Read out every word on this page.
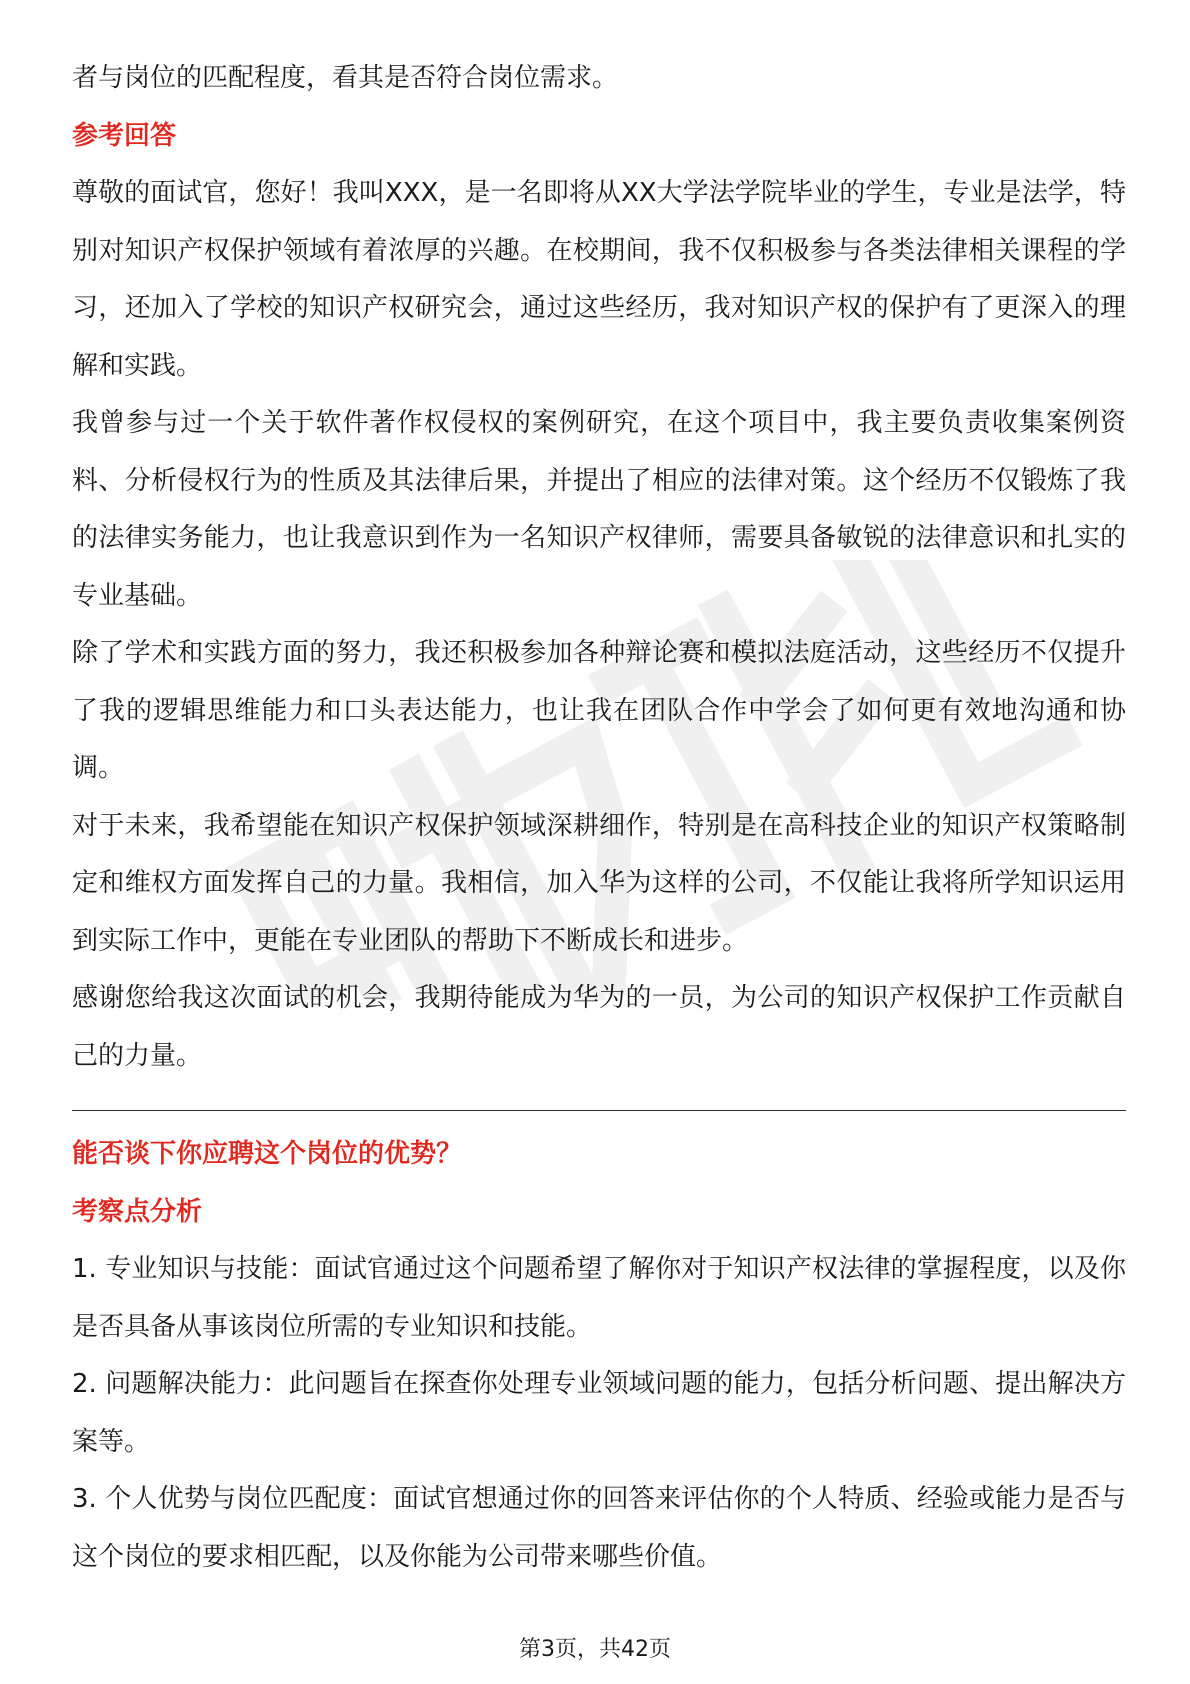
者与岗位的匹配程度，看其是否符合岗位需求。

参考回答

尊敬的面试官，您好！我叫XXX，是一名即将从XX大学法学院毕业的学生，专业是法学，特别对知识产权保护领域有着浓厚的兴趣。在校期间，我不仅积极参与各类法律相关课程的学习，还加入了学校的知识产权研究会，通过这些经历，我对知识产权的保护有了更深入的理解和实践。

我曾参与过一个关于软件著作权侵权的案例研究，在这个项目中，我主要负责收集案例资料、分析侵权行为的性质及其法律后果，并提出了相应的法律对策。这个经历不仅锻炼了我的法律实务能力，也让我意识到作为一名知识产权律师，需要具备敏锐的法律意识和扎实的专业基础。

除了学术和实践方面的努力，我还积极参加各种辩论赛和模拟法庭活动，这些经历不仅提升了我的逻辑思维能力和口头表达能力，也让我在团队合作中学会了如何更有效地沟通和协调。

对于未来，我希望能在知识产权保护领域深耕细作，特别是在高科技企业的知识产权策略制定和维权方面发挥自己的力量。我相信，加入华为这样的公司，不仅能让我将所学知识运用到实际工作中，更能在专业团队的帮助下不断成长和进步。

感谢您给我这次面试的机会，我期待能成为华为的一员，为公司的知识产权保护工作贡献自己的力量。

能否谈下你应聘这个岗位的优势？

考察点分析

1. 专业知识与技能：面试官通过这个问题希望了解你对于知识产权法律的掌握程度，以及你是否具备从事该岗位所需的专业知识和技能。

2. 问题解决能力：此问题旨在探查你处理专业领域问题的能力，包括分析问题、提出解决方案等。

3. 个人优势与岗位匹配度：面试官想通过你的回答来评估你的个人特质、经验或能力是否与这个岗位的要求相匹配，以及你能为公司带来哪些价值。

第3页，共42页
